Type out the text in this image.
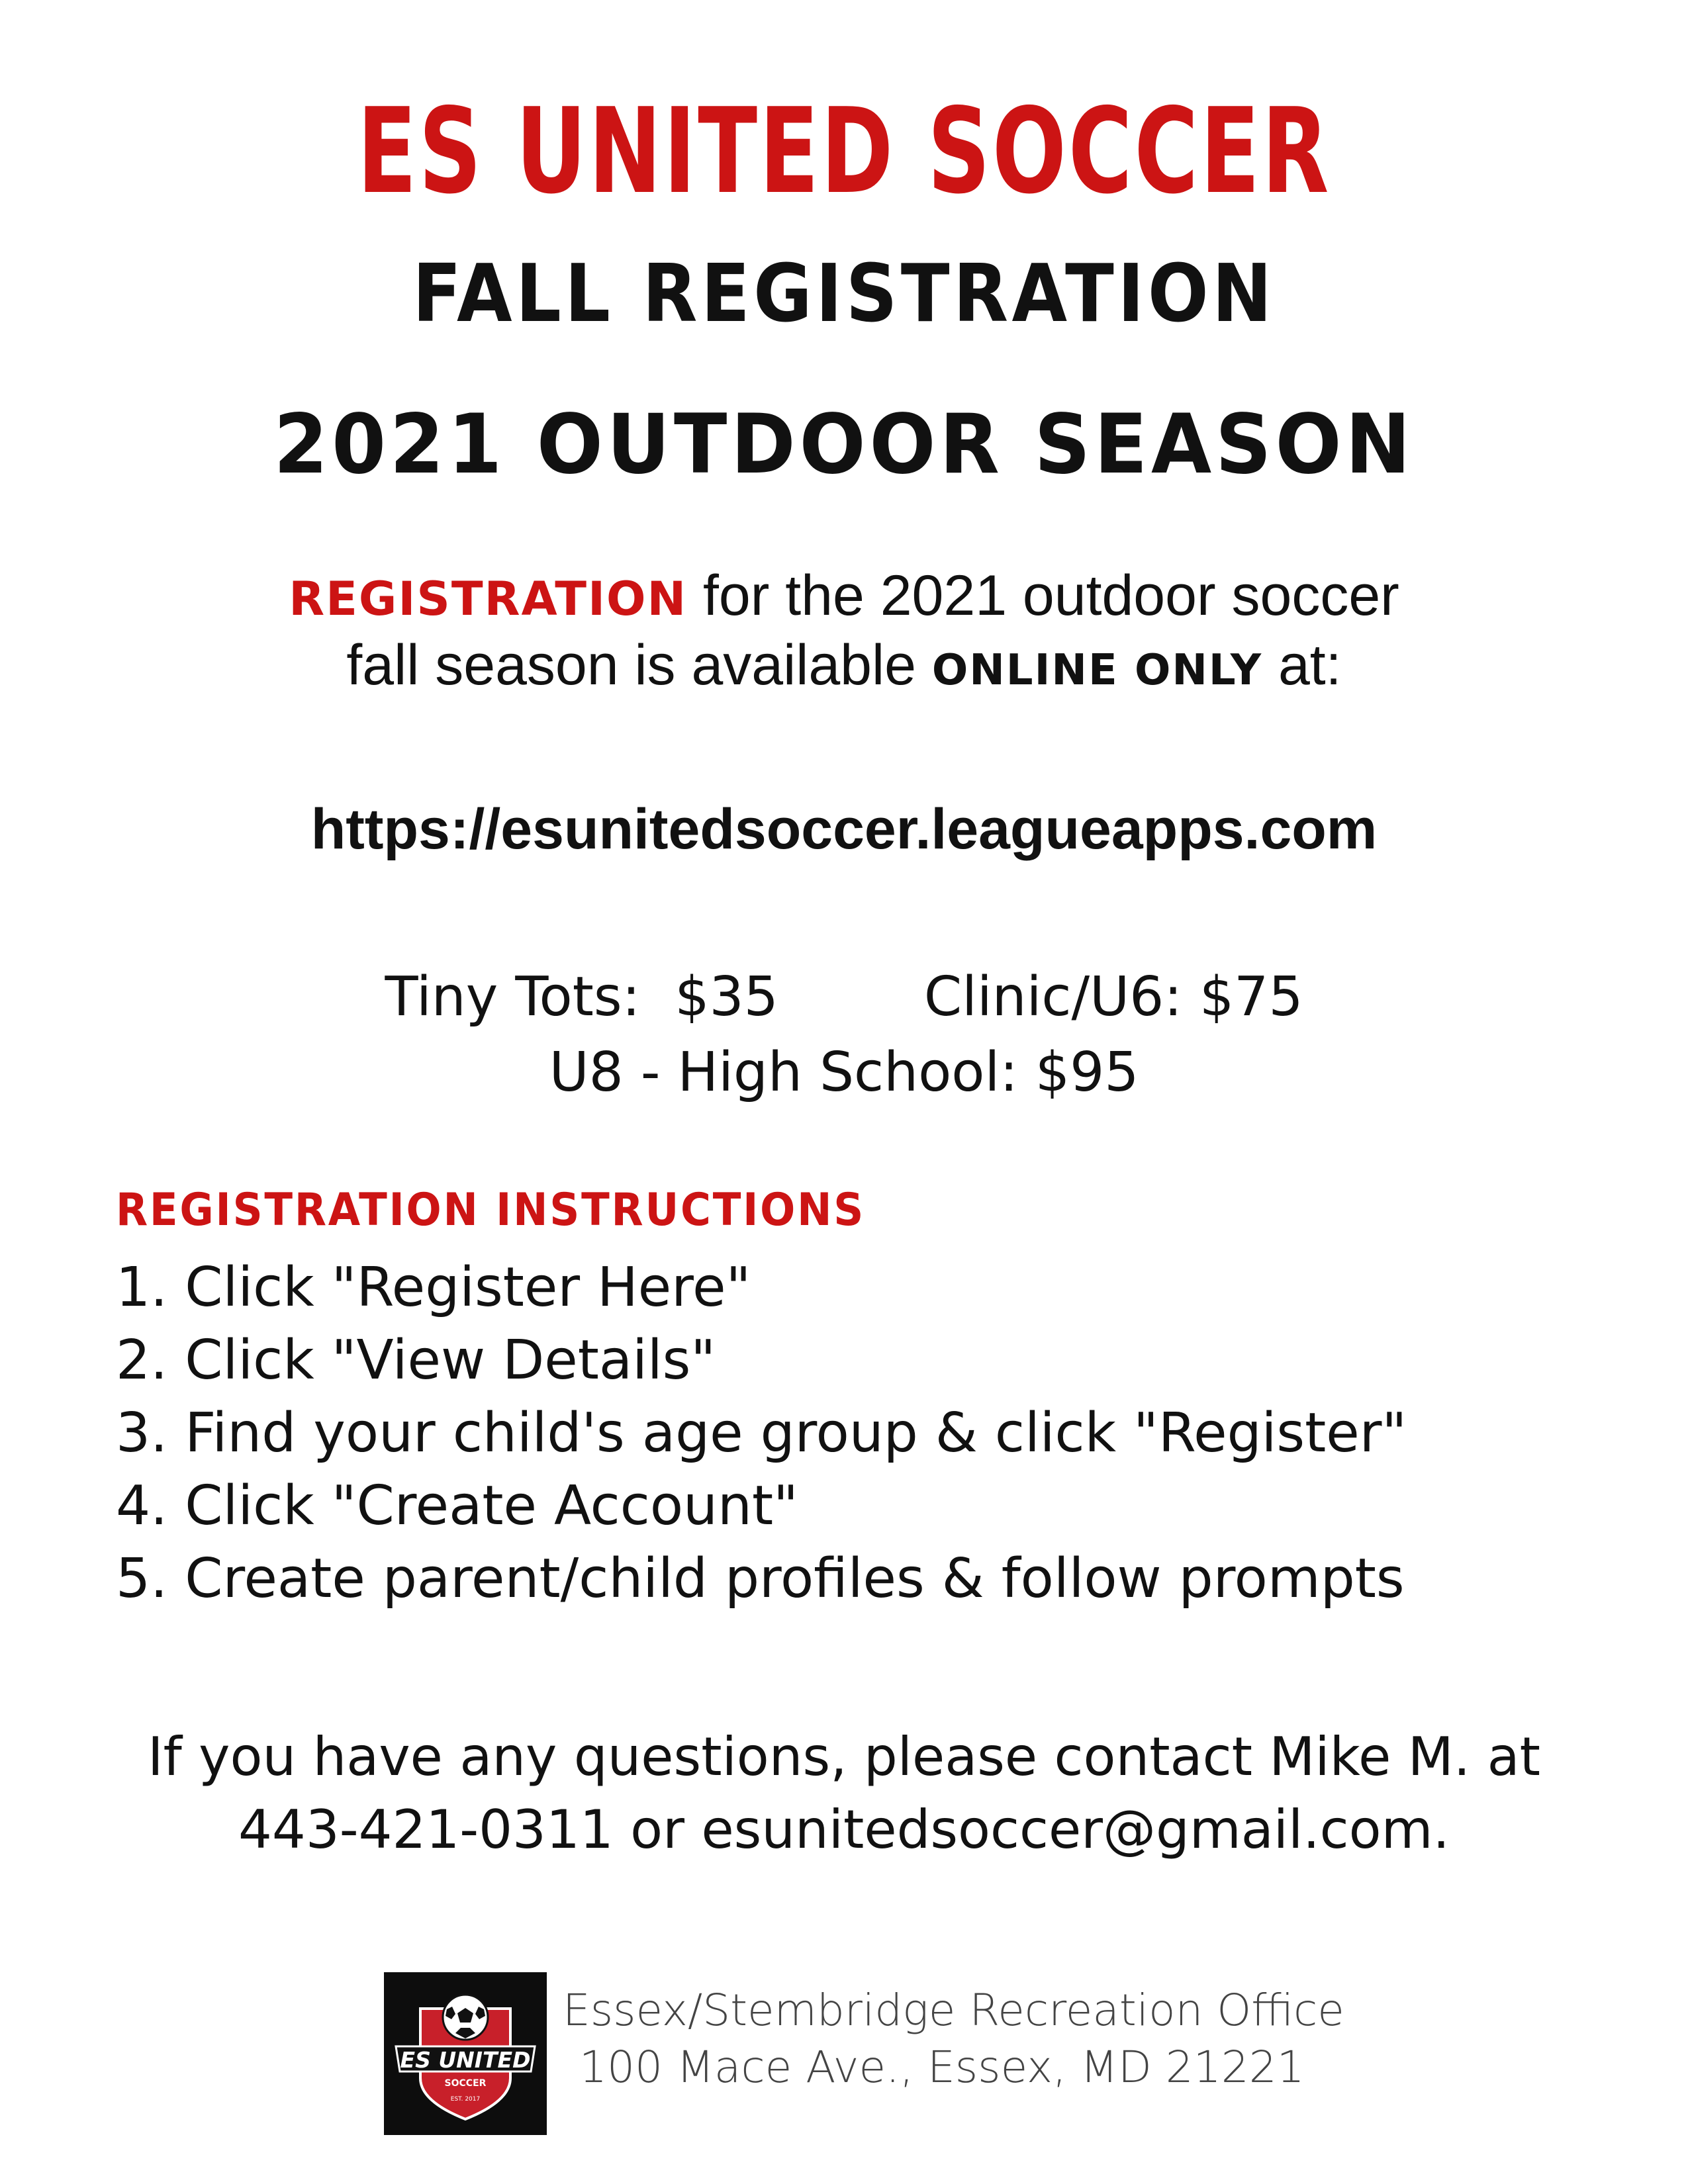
ES UNITED SOCCER
FALL REGISTRATION
2021 OUTDOOR SEASON
REGISTRATION for the 2021 outdoor soccer
fall season is available ONLINE ONLY at:
https://esunitedsoccer.leagueapps.com
Tiny Tots:  $35	Clinic/U6: $75
U8 - High School: $95
REGISTRATION INSTRUCTIONS
1. Click "Register Here"
2. Click "View Details"
3. Find your child's age group & click "Register"
4. Click "Create Account"
5. Create parent/child profiles & follow prompts
If you have any questions, please contact Mike M. at
443-421-0311 or esunitedsoccer@gmail.com.
ES UNITED
SOCCER
EST. 2017
Essex/Stembridge Recreation Office
100 Mace Ave., Essex, MD 21221
